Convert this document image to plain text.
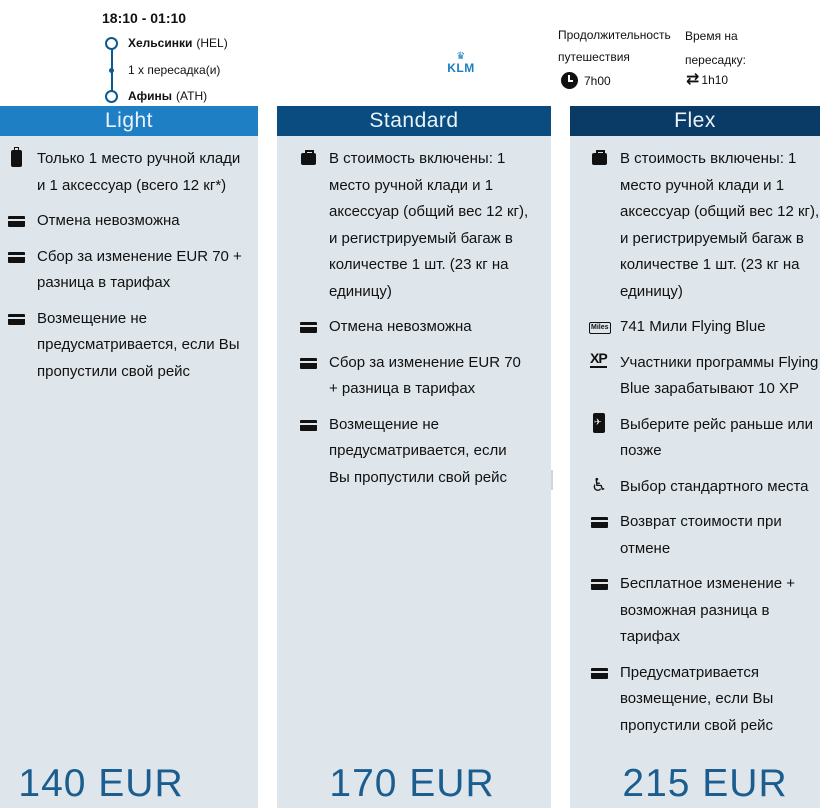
18:10 - 01:10
Хельсинки (HEL)
1 x пересадка(и)
Афины (ATH)
♛
KLM
Продолжительность путешествия
7h00
Время на пересадку:
⇄ 1h10
Light
Только 1 место ручной клади и 1 аксессуар (всего 12 кг*)
Отмена невозможна
Сбор за изменение EUR 70 + разница в тарифах
Возмещение не предусматривается, если Вы пропустили свой рейс
140 EUR
Standard
В стоимость включены: 1 место ручной клади и 1 аксессуар (общий вес 12 кг), и регистрируемый багаж в количестве 1 шт. (23 кг на единицу)
Отмена невозможна
Сбор за изменение EUR 70 + разница в тарифах
Возмещение не предусматривается, если Вы пропустили свой рейс
170 EUR
Flex
В стоимость включены: 1 место ручной клади и 1 аксессуар (общий вес 12 кг), и регистрируемый багаж в количестве 1 шт. (23 кг на единицу)
Miles 741 Мили Flying Blue
XP Участники программы Flying Blue зарабатывают 10 XP
✈
Выберите рейс раньше или позже
♿︎ Выбор стандартного места
Возврат стоимости при отмене
Бесплатное изменение + возможная разница в тарифах
Предусматривается возмещение, если Вы пропустили свой рейс
215 EUR
